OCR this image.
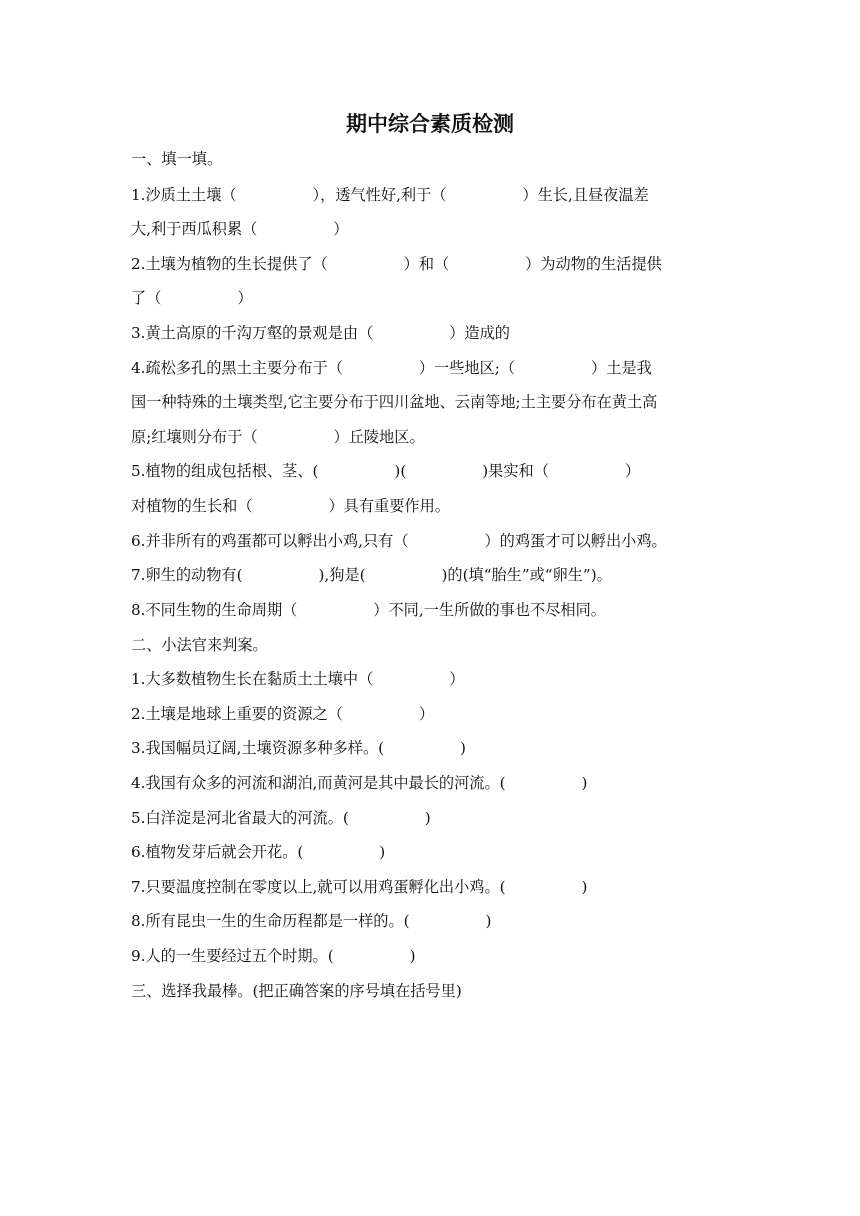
期中综合素质检测
一、填一填。
1.沙质土土壤（　　　　　），透气性好,利于（　　　　　）生长,且昼夜温差
大,利于西瓜积累（　　　　　）
2.土壤为植物的生长提供了（　　　　　）和（　　　　　）为动物的生活提供
了（　　　　　）
3.黄土高原的千沟万壑的景观是由（　　　　　）造成的
4.疏松多孔的黑土主要分布于（　　　　　）一些地区;（　　　　　）土是我
国一种特殊的土壤类型,它主要分布于四川盆地、云南等地;土主要分布在黄土高
原;红壤则分布于（　　　　　）丘陵地区。
5.植物的组成包括根、茎、(　　　　　)(　　　　　)果实和（　　　　　）
对植物的生长和（　　　　　）具有重要作用。
6.并非所有的鸡蛋都可以孵出小鸡,只有（　　　　　）的鸡蛋才可以孵出小鸡。
7.卵生的动物有(　　　　　),狗是(　　　　　)的(填“胎生”或“卵生”)。
8.不同生物的生命周期（　　　　　）不同,一生所做的事也不尽相同。
二、小法官来判案。
1.大多数植物生长在黏质土土壤中（　　　　　）
2.土壤是地球上重要的资源之（　　　　　）
3.我国幅员辽阔,土壤资源多种多样。(　　　　　)
4.我国有众多的河流和湖泊,而黄河是其中最长的河流。(　　　　　)
5.白洋淀是河北省最大的河流。(　　　　　)
6.植物发芽后就会开花。(　　　　　)
7.只要温度控制在零度以上,就可以用鸡蛋孵化出小鸡。(　　　　　)
8.所有昆虫一生的生命历程都是一样的。(　　　　　)
9.人的一生要经过五个时期。(　　　　　)
三、选择我最棒。(把正确答案的序号填在括号里)
